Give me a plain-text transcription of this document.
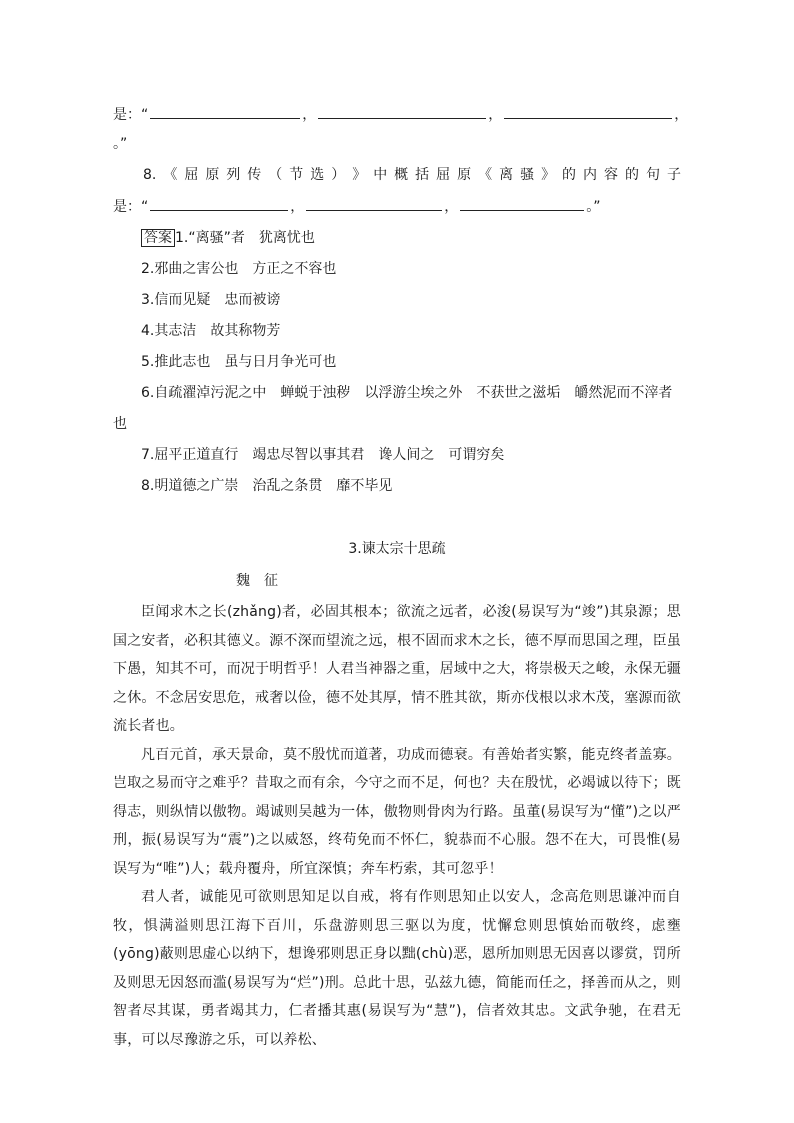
是：“	，	，	，
。”
8. 《 屈 原 列 传 （ 节 选 ） 》 中 概 括 屈 原 《 离 骚 》 的 内 容 的 句 子
是：“	，	，	。”
答案 1.“离骚”者　犹离忧也
2.邪曲之害公也　方正之不容也
3.信而见疑　忠而被谤
4.其志洁　故其称物芳
5.推此志也　虽与日月争光可也
6.自疏濯淖污泥之中　蝉蜕于浊秽　以浮游尘埃之外　不获世之滋垢　皭然泥而不滓者
也
7.屈平正道直行　竭忠尽智以事其君　谗人间之　可谓穷矣
8.明道德之广崇　治乱之条贯　靡不毕见
3.谏太宗十思疏
魏　征

臣闻求木之长(zhǎng)者，必固其根本；欲流之远者，必浚(易误写为“竣”)其泉源；思国之安者，必积其德义。源不深而望流之远，根不固而求木之长，德不厚而思国之理，臣虽下愚，知其不可，而况于明哲乎！人君当神器之重，居域中之大，将崇极天之峻，永保无疆之休。不念居安思危，戒奢以俭，德不处其厚，情不胜其欲，斯亦伐根以求木茂，塞源而欲流长者也。

凡百元首，承天景命，莫不殷忧而道著，功成而德衰。有善始者实繁，能克终者盖寡。岂取之易而守之难乎？昔取之而有余，今守之而不足，何也？夫在殷忧，必竭诚以待下；既得志，则纵情以傲物。竭诚则吴越为一体，傲物则骨肉为行路。虽董(易误写为“懂”)之以严刑，振(易误写为“震”)之以威怒，终苟免而不怀仁，貌恭而不心服。怨不在大，可畏惟(易误写为“唯”)人；载舟覆舟，所宜深慎；奔车朽索，其可忽乎！

君人者，诚能见可欲则思知足以自戒，将有作则思知止以安人，念高危则思谦冲而自牧，惧满溢则思江海下百川，乐盘游则思三驱以为度，忧懈怠则思慎始而敬终，虑壅(yōng)蔽则思虚心以纳下，想谗邪则思正身以黜(chù)恶，恩所加则思无因喜以谬赏，罚所及则思无因怒而滥(易误写为“烂”)刑。总此十思，弘兹九德，简能而任之，择善而从之，则智者尽其谋，勇者竭其力，仁者播其惠(易误写为“慧”)，信者效其忠。文武争驰，在君无事，可以尽豫游之乐，可以养松、
